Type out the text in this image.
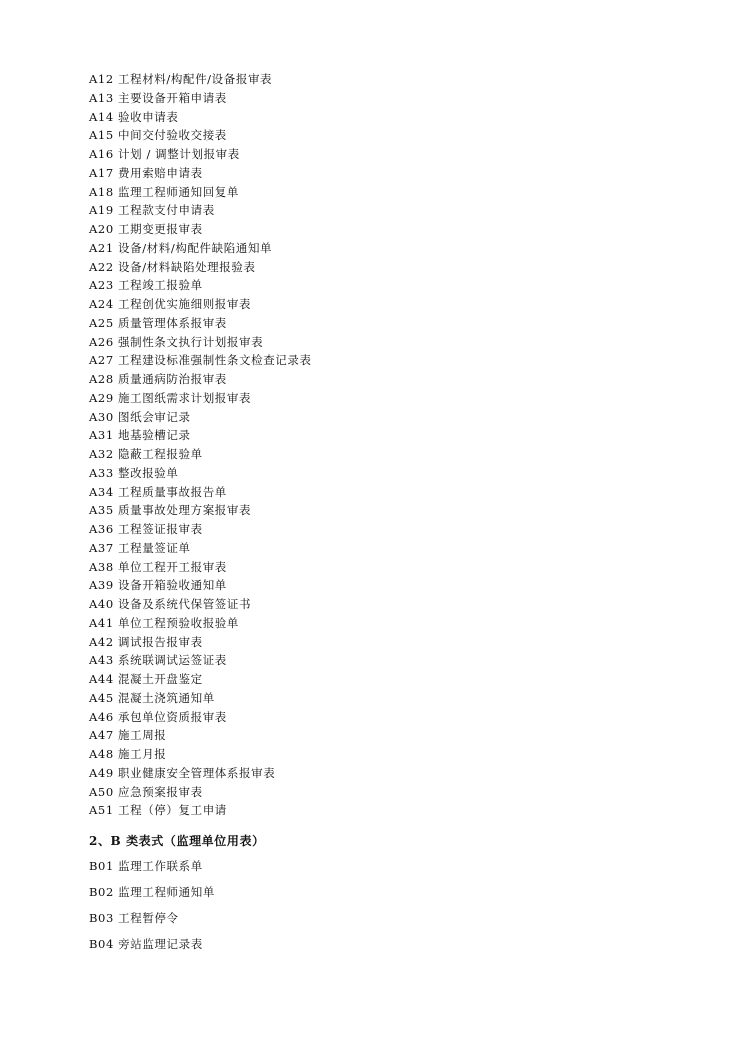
A12 工程材料/构配件/设备报审表
A13 主要设备开箱申请表
A14 验收申请表
A15 中间交付验收交接表
A16 计划 / 调整计划报审表
A17 费用索赔申请表
A18 监理工程师通知回复单
A19 工程款支付申请表
A20 工期变更报审表
A21 设备/材料/构配件缺陷通知单
A22 设备/材料缺陷处理报验表
A23 工程竣工报验单
A24 工程创优实施细则报审表
A25 质量管理体系报审表
A26 强制性条文执行计划报审表
A27 工程建设标准强制性条文检查记录表
A28 质量通病防治报审表
A29 施工图纸需求计划报审表
A30 图纸会审记录
A31 地基验槽记录
A32 隐蔽工程报验单
A33 整改报验单
A34 工程质量事故报告单
A35 质量事故处理方案报审表
A36 工程签证报审表
A37 工程量签证单
A38 单位工程开工报审表
A39 设备开箱验收通知单
A40 设备及系统代保管签证书
A41 单位工程预验收报验单
A42 调试报告报审表
A43 系统联调试运签证表
A44 混凝土开盘鉴定
A45 混凝土浇筑通知单
A46 承包单位资质报审表
A47 施工周报
A48 施工月报
A49 职业健康安全管理体系报审表
A50 应急预案报审表
A51 工程（停）复工申请
2、B 类表式（监理单位用表）
B01 监理工作联系单
B02 监理工程师通知单
B03 工程暂停令
B04 旁站监理记录表
